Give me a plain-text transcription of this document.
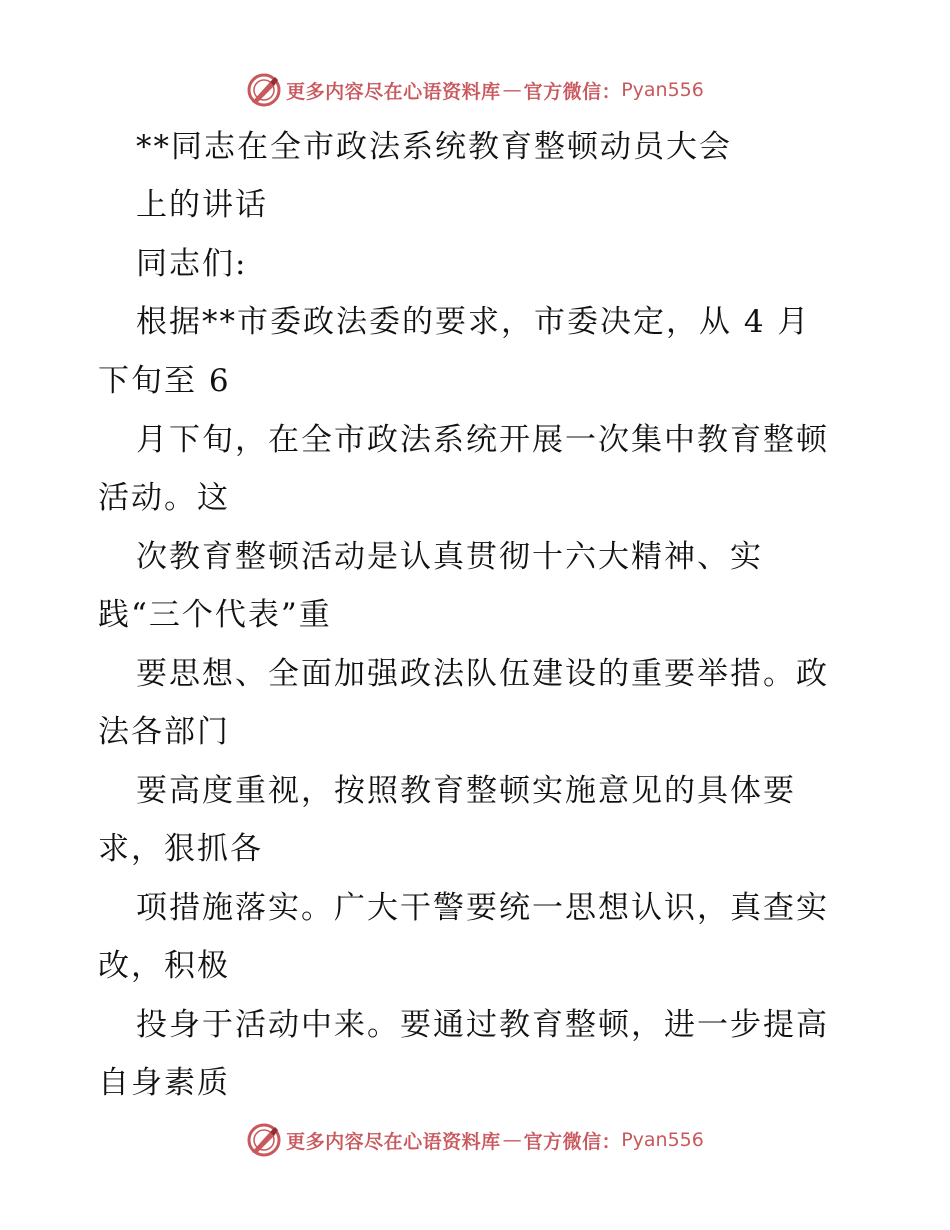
更多内容尽在心语资料库 — 官方微信： Pyan556
**同志在全市政法系统教育整顿动员大会
上的讲话
同志们:
根据**市委政法委的要求，市委决定，从 4 月
下旬至 6
月下旬，在全市政法系统开展一次集中教育整顿
活动。这
次教育整顿活动是认真贯彻十六大精神、实
践“三个代表”重
要思想、全面加强政法队伍建设的重要举措。政
法各部门
要高度重视，按照教育整顿实施意见的具体要
求，狠抓各
项措施落实。广大干警要统一思想认识，真查实
改，积极
投身于活动中来。要通过教育整顿，进一步提高
自身素质
更多内容尽在心语资料库 — 官方微信： Pyan556
